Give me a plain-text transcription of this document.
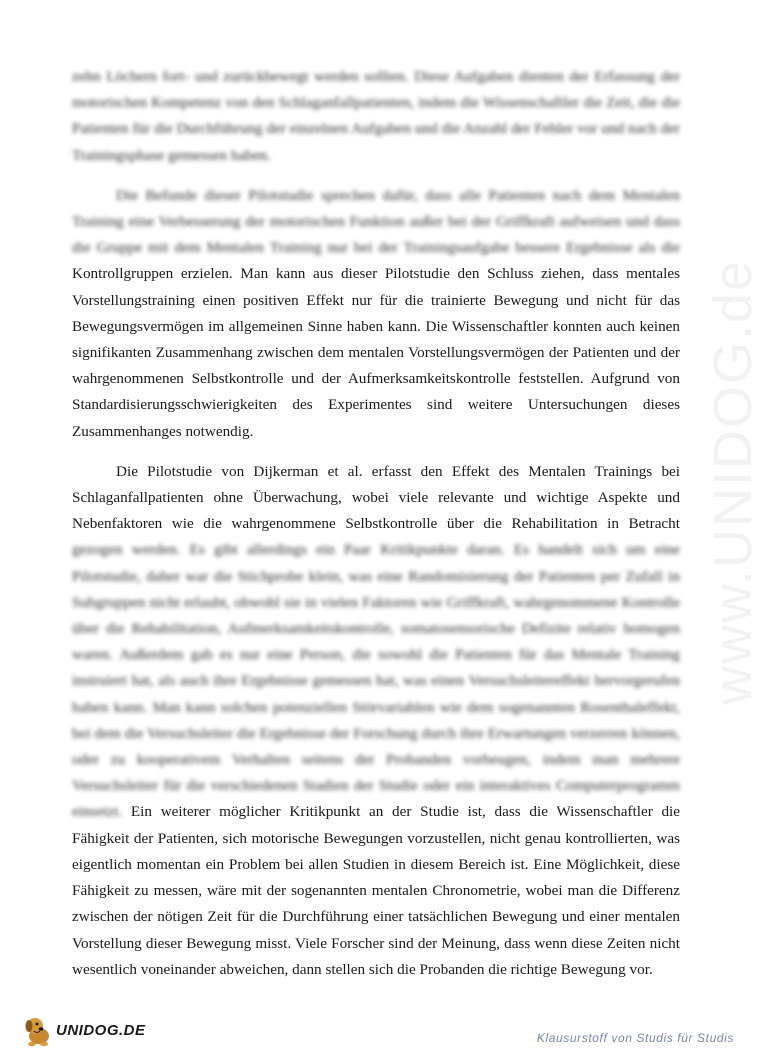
www.UNIDOG.de

zehn Löchern fort- und zurückbewegt werden sollten. Diese Aufgaben dienten der Erfassung der motorischen Kompetenz von den Schlaganfallpatienten, indem die Wissenschaftler die Zeit, die die Patienten für die Durchführung der einzelnen Aufgaben und die Anzahl der Fehler vor und nach der Trainingsphase gemessen haben.

Die Befunde dieser Pilotstudie sprechen dafür, dass alle Patienten nach dem Mentalen Training eine Verbesserung der motorischen Funktion außer bei der Griffkraft aufweisen und dass die Gruppe mit dem Mentalen Training nur bei der Trainingsaufgabe bessere Ergebnisse als die Kontrollgruppen erzielen. Man kann aus dieser Pilotstudie den Schluss ziehen, dass mentales Vorstellungstraining einen positiven Effekt nur für die trainierte Bewegung und nicht für das Bewegungsvermögen im allgemeinen Sinne haben kann. Die Wissenschaftler konnten auch keinen signifikanten Zusammenhang zwischen dem mentalen Vorstellungsvermögen der Patienten und der wahrgenommenen Selbstkontrolle und der Aufmerksamkeitskontrolle feststellen. Aufgrund von Standardisierungsschwierigkeiten des Experimentes sind weitere Untersuchungen dieses Zusammenhanges notwendig.

Die Pilotstudie von Dijkerman et al. erfasst den Effekt des Mentalen Trainings bei Schlaganfallpatienten ohne Überwachung, wobei viele relevante und wichtige Aspekte und Nebenfaktoren wie die wahrgenommene Selbstkontrolle über die Rehabilitation in Betracht gezogen werden. Es gibt allerdings ein Paar Kritikpunkte daran. Es handelt sich um eine Pilotstudie, daher war die Stichprobe klein, was eine Randomisierung der Patienten per Zufall in Subgruppen nicht erlaubt, obwohl sie in vielen Faktoren wie Griffkraft, wahrgenommene Kontrolle über die Rehabilitation, Aufmerksamkeitskontrolle, somatosensorische Defizite relativ homogen waren. Außerdem gab es nur eine Person, die sowohl die Patienten für das Mentale Training instruiert hat, als auch ihre Ergebnisse gemessen hat, was einen Versuchsleitereffekt hervorgerufen haben kann. Man kann solchen potenziellen Störvariablen wie dem sogenannten Rosenthaleffekt, bei dem die Versuchsleiter die Ergebnisse der Forschung durch ihre Erwartungen verzerren können, oder zu kooperativem Verhalten seitens der Probanden vorbeugen, indem man mehrere Versuchsleiter für die verschiedenen Stadien der Studie oder ein interaktives Computerprogramm einsetzt. Ein weiterer möglicher Kritikpunkt an der Studie ist, dass die Wissenschaftler die Fähigkeit der Patienten, sich motorische Bewegungen vorzustellen, nicht genau kontrollierten, was eigentlich momentan ein Problem bei allen Studien in diesem Bereich ist. Eine Möglichkeit, diese Fähigkeit zu messen, wäre mit der sogenannten mentalen Chronometrie, wobei man die Differenz zwischen der nötigen Zeit für die Durchführung einer tatsächlichen Bewegung und einer mentalen Vorstellung dieser Bewegung misst. Viele Forscher sind der Meinung, dass wenn diese Zeiten nicht wesentlich voneinander abweichen, dann stellen sich die Probanden die richtige Bewegung vor.

UNIDOG.DE	Klausurstoff von Studis für Studis
